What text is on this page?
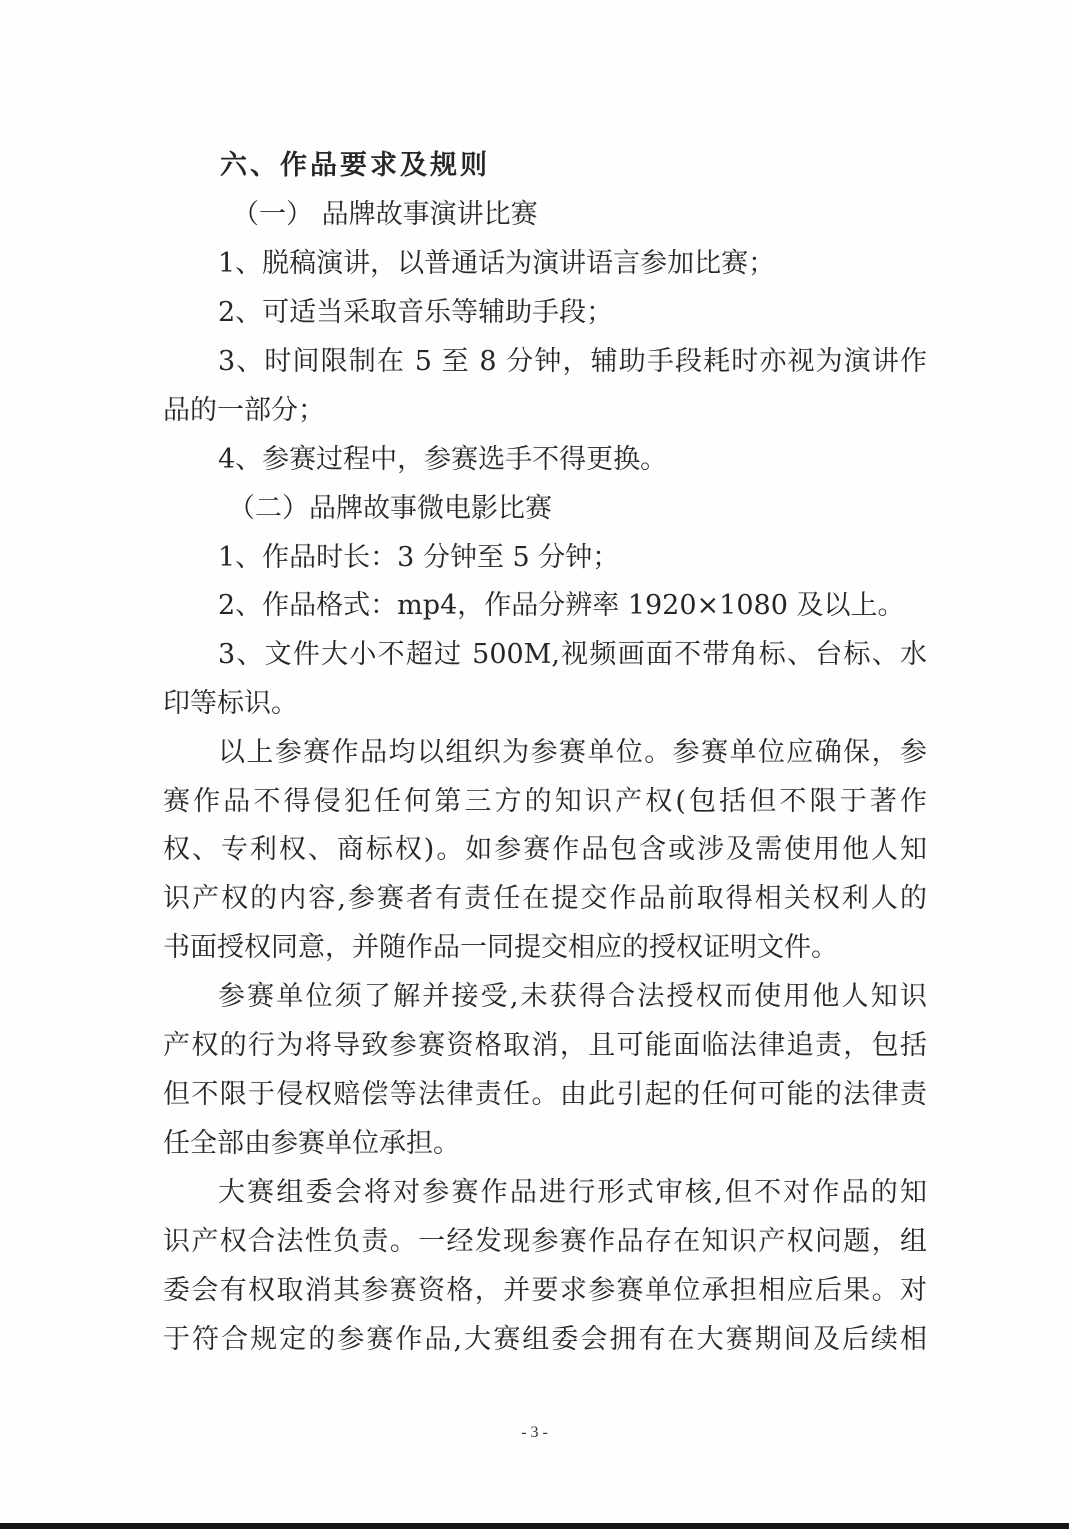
六、作品要求及规则
（一） 品牌故事演讲比赛
1、脱稿演讲，以普通话为演讲语言参加比赛；
2、可适当采取音乐等辅助手段；
3、时间限制在 5 至 8 分钟，辅助手段耗时亦视为演讲作
品的一部分；
4、参赛过程中，参赛选手不得更换。
（二）品牌故事微电影比赛
1、作品时长：3 分钟至 5 分钟；
2、作品格式：mp4，作品分辨率 1920×1080 及以上。
3、文件大小不超过 500M,视频画面不带角标、台标、水
印等标识。
以上参赛作品均以组织为参赛单位。参赛单位应确保，参
赛作品不得侵犯任何第三方的知识产权(包括但不限于著作
权、专利权、商标权)。如参赛作品包含或涉及需使用他人知
识产权的内容,参赛者有责任在提交作品前取得相关权利人的
书面授权同意，并随作品一同提交相应的授权证明文件。
参赛单位须了解并接受,未获得合法授权而使用他人知识
产权的行为将导致参赛资格取消，且可能面临法律追责，包括
但不限于侵权赔偿等法律责任。由此引起的任何可能的法律责
任全部由参赛单位承担。
大赛组委会将对参赛作品进行形式审核,但不对作品的知
识产权合法性负责。一经发现参赛作品存在知识产权问题，组
委会有权取消其参赛资格，并要求参赛单位承担相应后果。对
于符合规定的参赛作品,大赛组委会拥有在大赛期间及后续相
- 3 -
